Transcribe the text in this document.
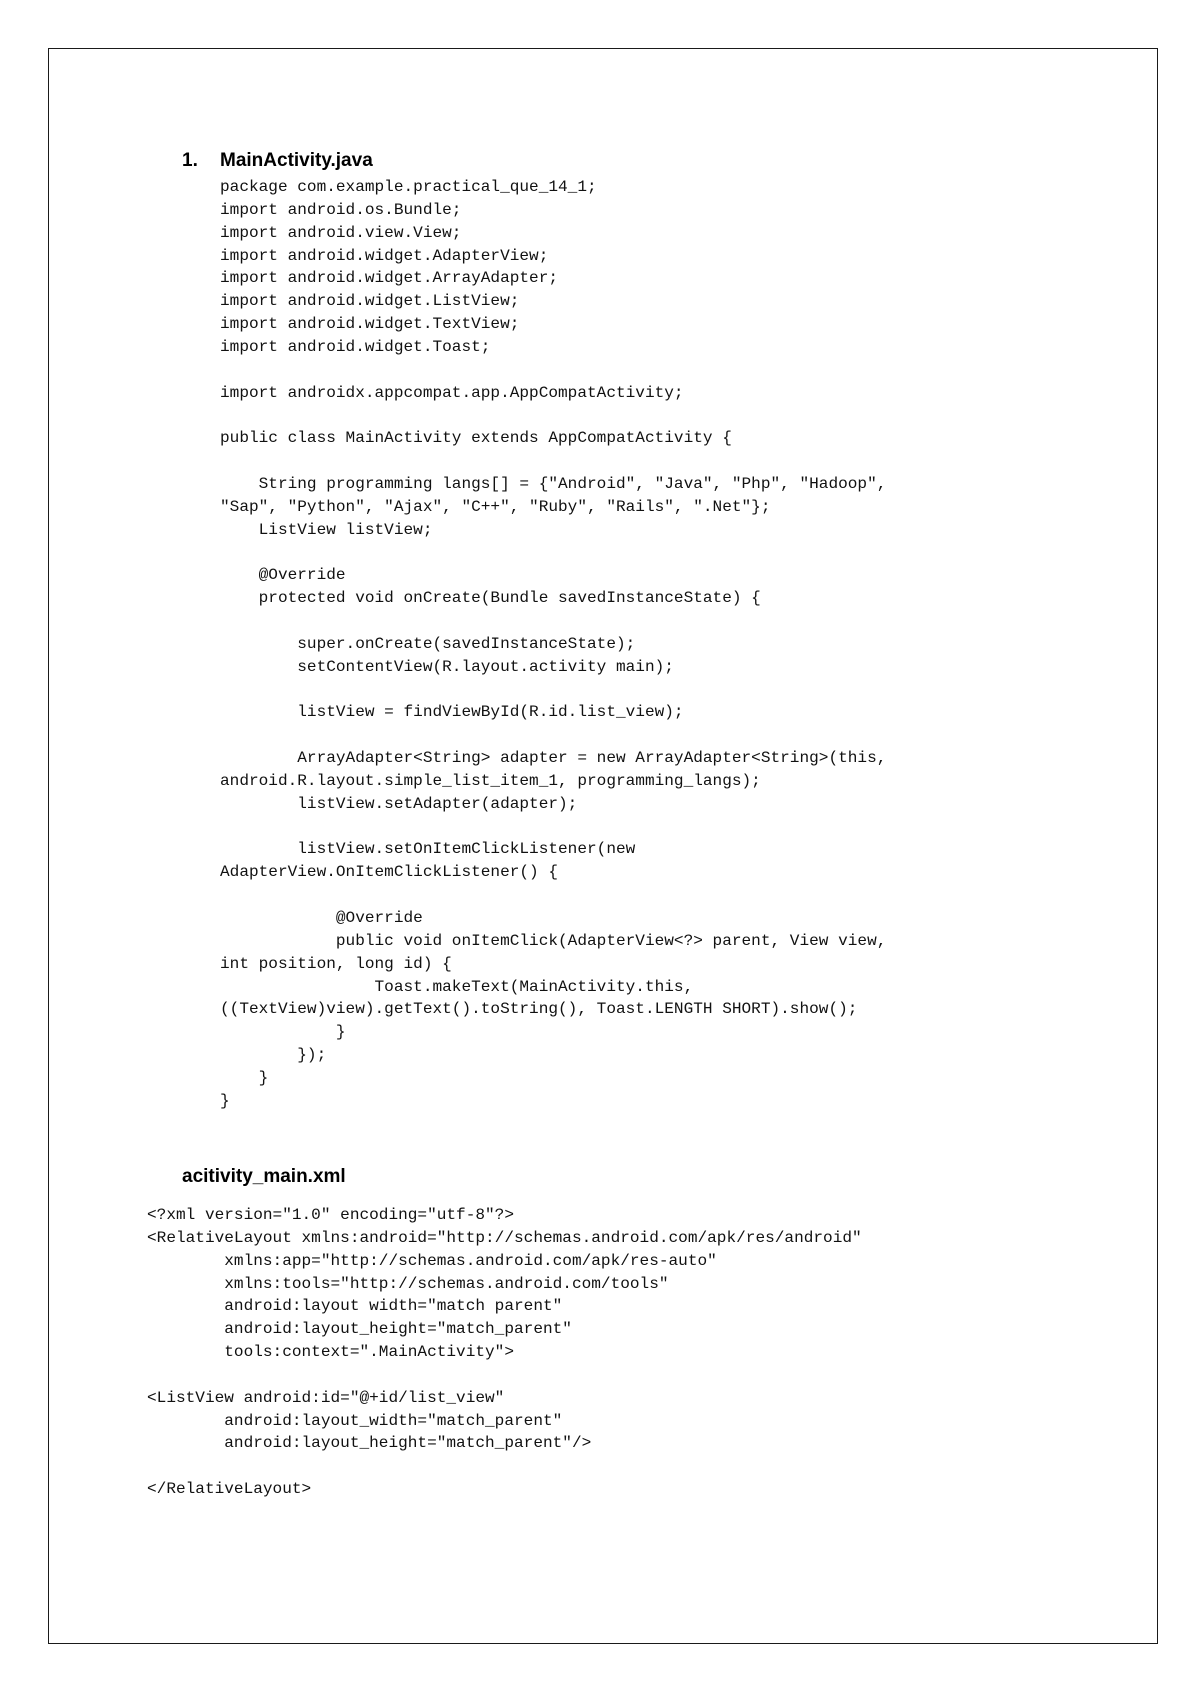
1. MainActivity.java
package com.example.practical_que_14_1;
import android.os.Bundle;
import android.view.View;
import android.widget.AdapterView;
import android.widget.ArrayAdapter;
import android.widget.ListView;
import android.widget.TextView;
import android.widget.Toast;
import androidx.appcompat.app.AppCompatActivity;
public class MainActivity extends AppCompatActivity {
String programming langs[] = {"Android", "Java", "Php", "Hadoop",
"Sap", "Python", "Ajax", "C++", "Ruby", "Rails", ".Net"};
ListView listView;
@Override
protected void onCreate(Bundle savedInstanceState) {
super.onCreate(savedInstanceState);
setContentView(R.layout.activity main);
listView = findViewById(R.id.list_view);
ArrayAdapter<String> adapter = new ArrayAdapter<String>(this,
android.R.layout.simple_list_item_1, programming_langs);
listView.setAdapter(adapter);
listView.setOnItemClickListener(new
AdapterView.OnItemClickListener() {
@Override
public void onItemClick(AdapterView<?> parent, View view,
int position, long id) {
Toast.makeText(MainActivity.this,
((TextView)view).getText().toString(), Toast.LENGTH SHORT).show();
}
});
}
}
acitivity_main.xml
<?xml version="1.0" encoding="utf-8"?>
<RelativeLayout xmlns:android="http://schemas.android.com/apk/res/android"
xmlns:app="http://schemas.android.com/apk/res-auto"
xmlns:tools="http://schemas.android.com/tools"
android:layout width="match parent"
android:layout_height="match_parent"
tools:context=".MainActivity">
<ListView android:id="@+id/list_view"
android:layout_width="match_parent"
android:layout_height="match_parent"/>
</RelativeLayout>
